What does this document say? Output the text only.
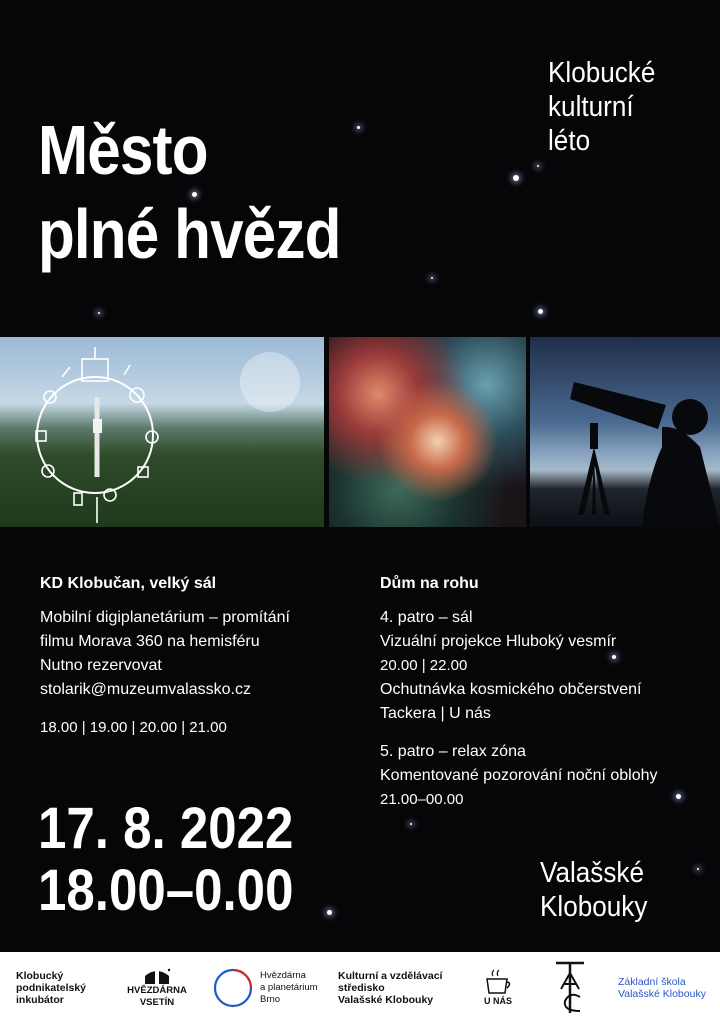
Město
plné hvězd
Klobucké
kulturní
léto
KD Klobučan, velký sál
Mobilní digiplanetárium – promítání
filmu Morava 360 na hemisféru
Nutno rezervovat
stolarik@muzeumvalassko.cz
18.00 | 19.00 | 20.00 | 21.00
Dům na rohu
4. patro – sál
Vizuální projekce Hluboký vesmír
20.00 | 22.00
Ochutnávka kosmického občerstvení
Tackera | U nás
5. patro – relax zóna
Komentované pozorování noční oblohy
21.00–00.00
17. 8. 2022
18.00–0.00	Valašské
Klobouky
Klobucký
podnikatelský
inkubátor
HVĚZDÁRNA
VSETÍN
Hvězdárna
a planetárium
Brno
Kulturní a vzdělávací
středisko
Valašské Klobouky	U NÁS
Základní škola
Valašské Klobouky
